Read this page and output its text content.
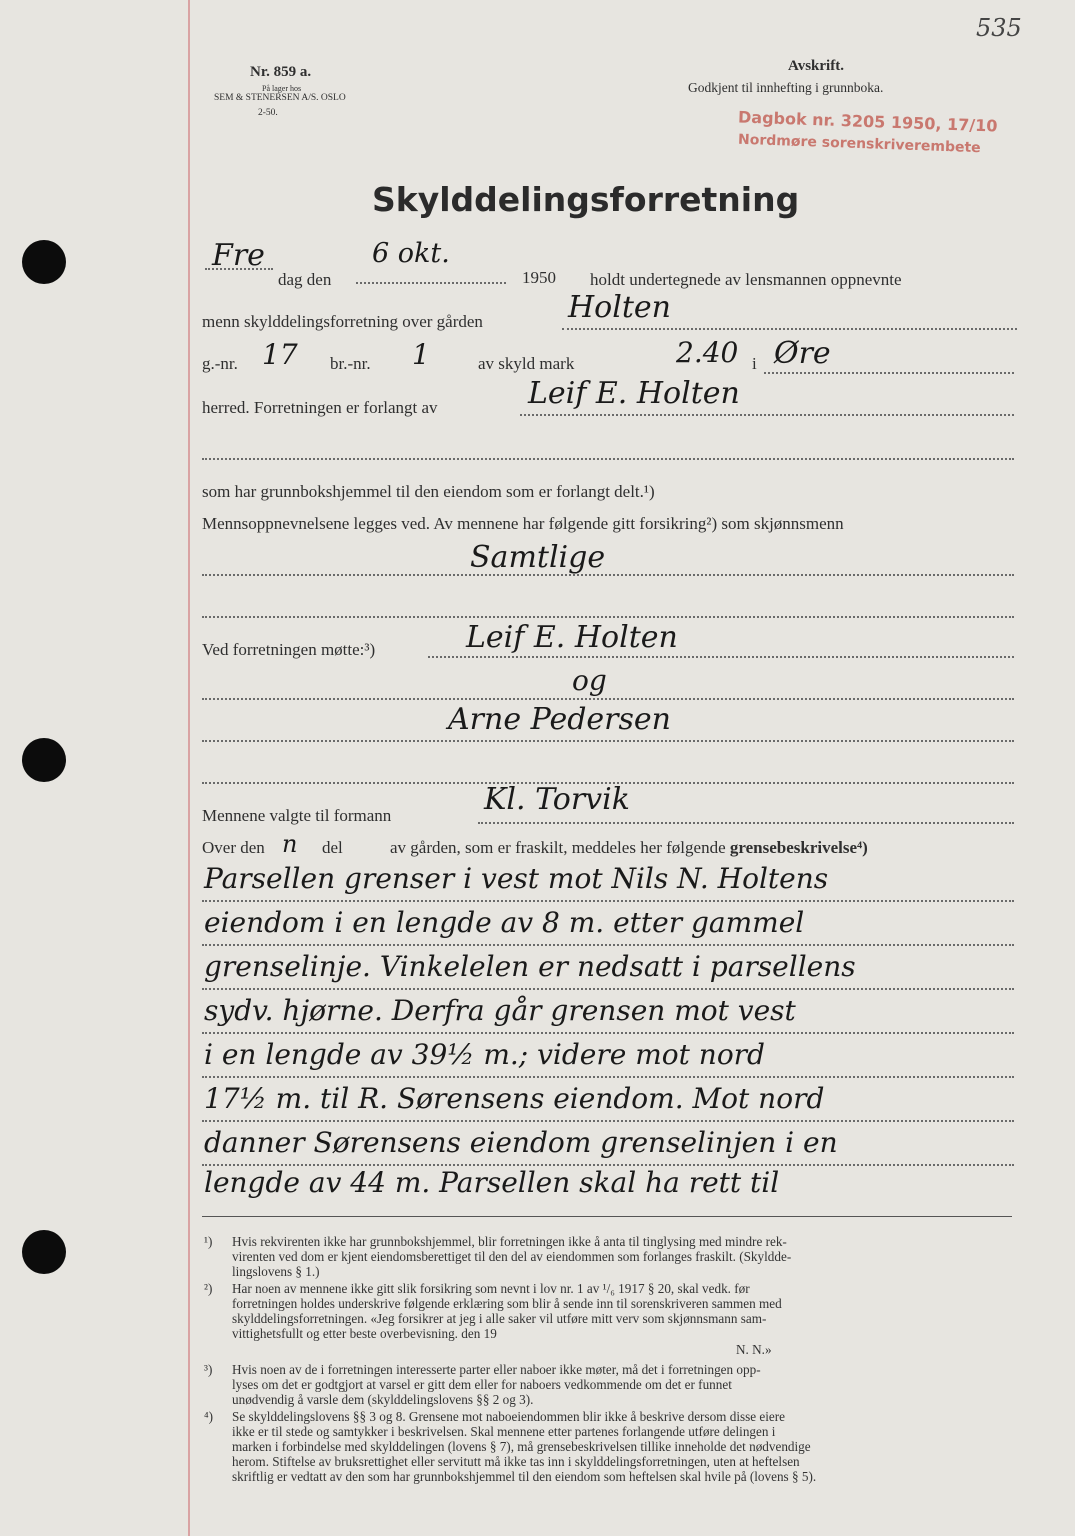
535
Nr. 859 a.
På lager hos
SEM & STENERSEN A/S. OSLO
2-50.
Avskrift.
Godkjent til innhefting i grunnboka.
Dagbok nr. 3205 1950, 17/10
Nordmøre sorenskriverembete
Skylddelingsforretning
Fre
dag den
6 okt.
1950 holdt undertegnede av lensmannen oppnevnte
menn skylddelingsforretning over gården	Holten
g.-nr. 17 br.-nr. 1	av skyld mark	2.40 i Øre
herred. Forretningen er forlangt av	Leif E. Holten
som har grunnbokshjemmel til den eiendom som er forlangt delt.¹)
Mennsoppnevnelsene legges ved. Av mennene har følgende gitt forsikring²) som skjønnsmenn
Samtlige
Ved forretningen møtte:³)	Leif E. Holten
og
Arne Pedersen
Mennene valgte til formann	Kl. Torvik
Over den n del	av gården, som er fraskilt, meddeles her følgende grensebeskrivelse⁴)
Parsellen grenser i vest mot Nils N. Holtens
eiendom i en lengde av 8 m. etter gammel
grenselinje. Vinkelelen er nedsatt i parsellens
sydv. hjørne. Derfra går grensen mot vest
i en lengde av 39½ m.; videre mot nord
17½ m. til R. Sørensens eiendom. Mot nord
danner Sørensens eiendom grenselinjen i en
lengde av 44 m. Parsellen skal ha rett til
¹) Hvis rekvirenten ikke har grunnbokshjemmel, blir forretningen ikke å anta til tinglysing med mindre rek-
virenten ved dom er kjent eiendomsberettiget til den del av eiendommen som forlanges fraskilt. (Skyldde-
lingslovens § 1.)
²) Har noen av mennene ikke gitt slik forsikring som nevnt i lov nr. 1 av ¹/₆ 1917 § 20, skal vedk. før
forretningen holdes underskrive følgende erklæring som blir å sende inn til sorenskriveren sammen med
skylddelingsforretningen. «Jeg forsikrer at jeg i alle saker vil utføre mitt verv som skjønnsmann sam-
vittighetsfullt og etter beste overbevisning. den 19
N. N.»
³) Hvis noen av de i forretningen interesserte parter eller naboer ikke møter, må det i forretningen opp-
lyses om det er godtgjort at varsel er gitt dem eller for naboers vedkommende om det er funnet
unødvendig å varsle dem (skylddelingslovens §§ 2 og 3).
⁴) Se skylddelingslovens §§ 3 og 8. Grensene mot naboeiendommen blir ikke å beskrive dersom disse eiere
ikke er til stede og samtykker i beskrivelsen. Skal mennene etter partenes forlangende utføre delingen i
marken i forbindelse med skylddelingen (lovens § 7), må grensebeskrivelsen tillike inneholde det nødvendige
herom. Stiftelse av bruksrettighet eller servitutt må ikke tas inn i skylddelingsforretningen, uten at heftelsen
skriftlig er vedtatt av den som har grunnbokshjemmel til den eiendom som heftelsen skal hvile på (lovens § 5).
